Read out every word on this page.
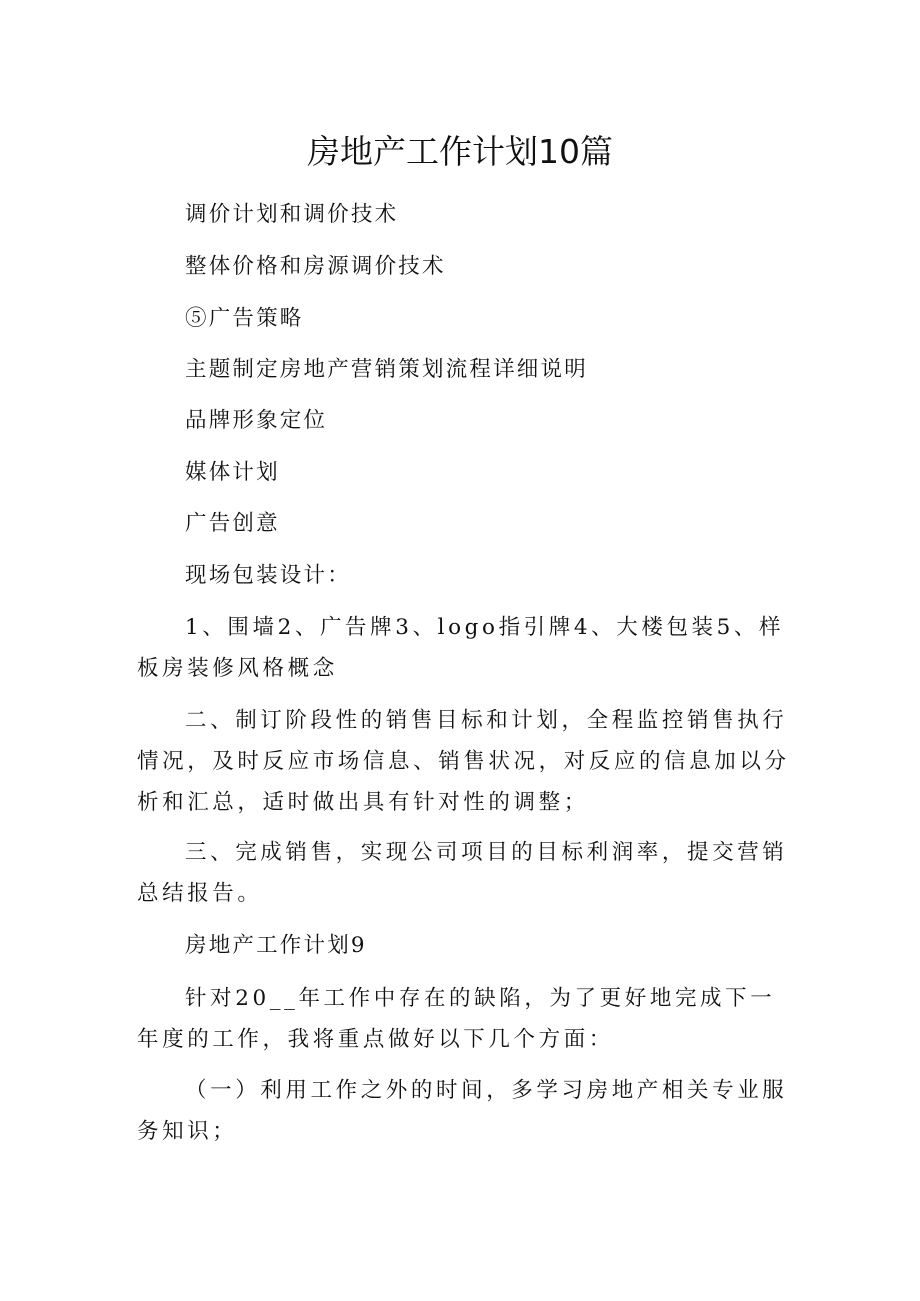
房地产工作计划10篇
调价计划和调价技术
整体价格和房源调价技术
⑤广告策略
主题制定房地产营销策划流程详细说明
品牌形象定位
媒体计划
广告创意
现场包装设计：
1、围墙2、广告牌3、logo指引牌4、大楼包装5、样板房装修风格概念
二、制订阶段性的销售目标和计划，全程监控销售执行情况，及时反应市场信息、销售状况，对反应的信息加以分析和汇总，适时做出具有针对性的调整；
三、完成销售，实现公司项目的目标利润率，提交营销总结报告。
房地产工作计划9
针对20__年工作中存在的缺陷，为了更好地完成下一年度的工作，我将重点做好以下几个方面：
（一）利用工作之外的时间，多学习房地产相关专业服务知识；
